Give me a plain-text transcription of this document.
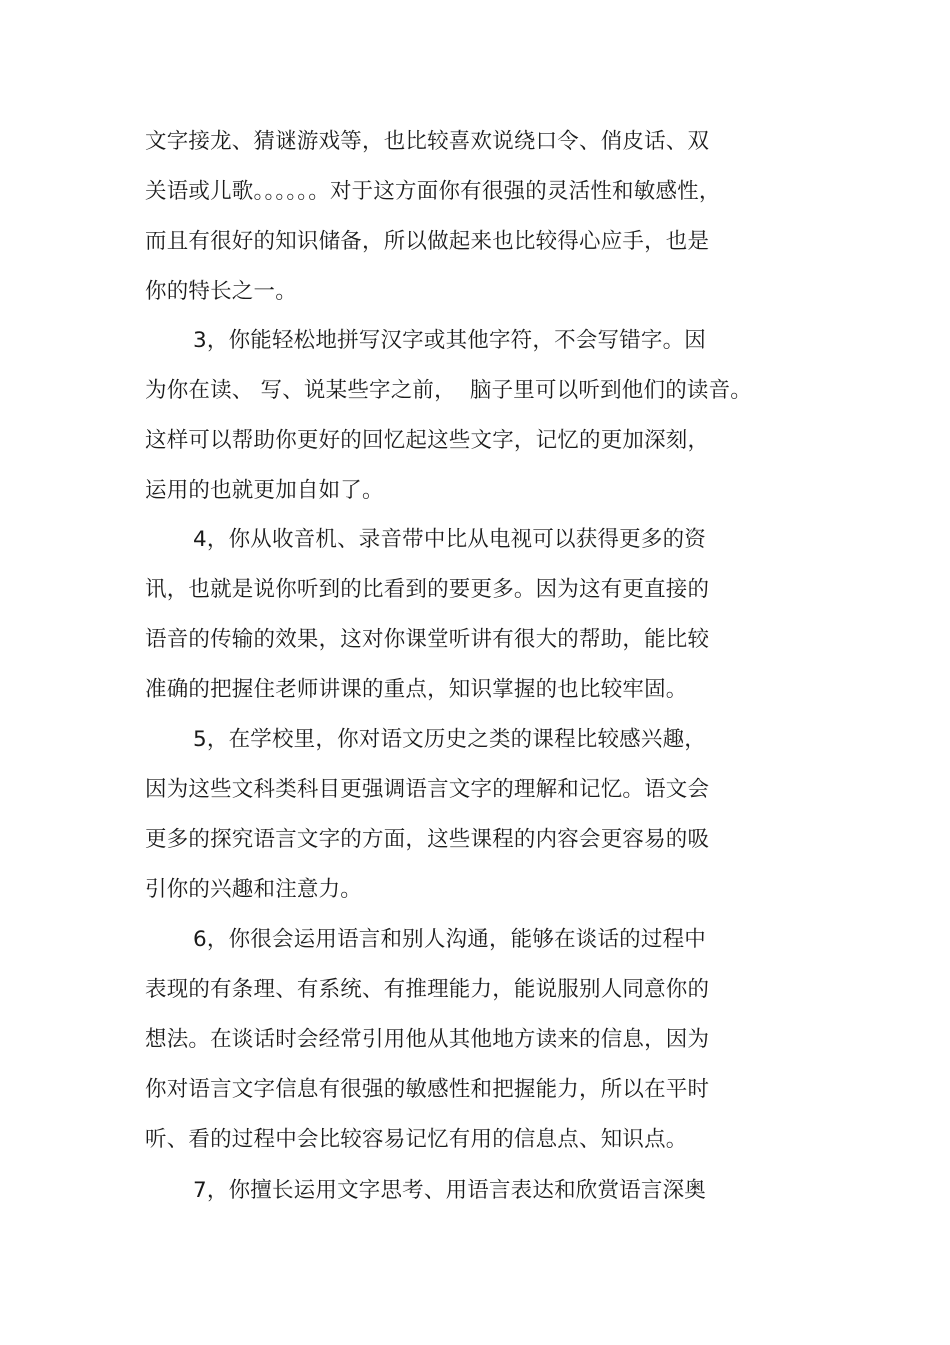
文字接龙、猜谜游戏等，也比较喜欢说绕口令、俏皮话、双
关语或儿歌。。。。。。对于这方面你有很强的灵活性和敏感性，
而且有很好的知识储备，所以做起来也比较得心应手，也是
你的特长之一。
3，你能轻松地拼写汉字或其他字符，不会写错字。因
为你在读、 写、说某些字之前，  脑子里可以听到他们的读音。
这样可以帮助你更好的回忆起这些文字，记忆的更加深刻，
运用的也就更加自如了。
4，你从收音机、录音带中比从电视可以获得更多的资
讯，也就是说你听到的比看到的要更多。因为这有更直接的
语音的传输的效果，这对你课堂听讲有很大的帮助，能比较
准确的把握住老师讲课的重点，知识掌握的也比较牢固。
5，在学校里，你对语文历史之类的课程比较感兴趣，
因为这些文科类科目更强调语言文字的理解和记忆。语文会
更多的探究语言文字的方面，这些课程的内容会更容易的吸
引你的兴趣和注意力。
6，你很会运用语言和别人沟通，能够在谈话的过程中
表现的有条理、有系统、有推理能力，能说服别人同意你的
想法。在谈话时会经常引用他从其他地方读来的信息，因为
你对语言文字信息有很强的敏感性和把握能力，所以在平时
听、看的过程中会比较容易记忆有用的信息点、知识点。
7，你擅长运用文字思考、用语言表达和欣赏语言深奥
